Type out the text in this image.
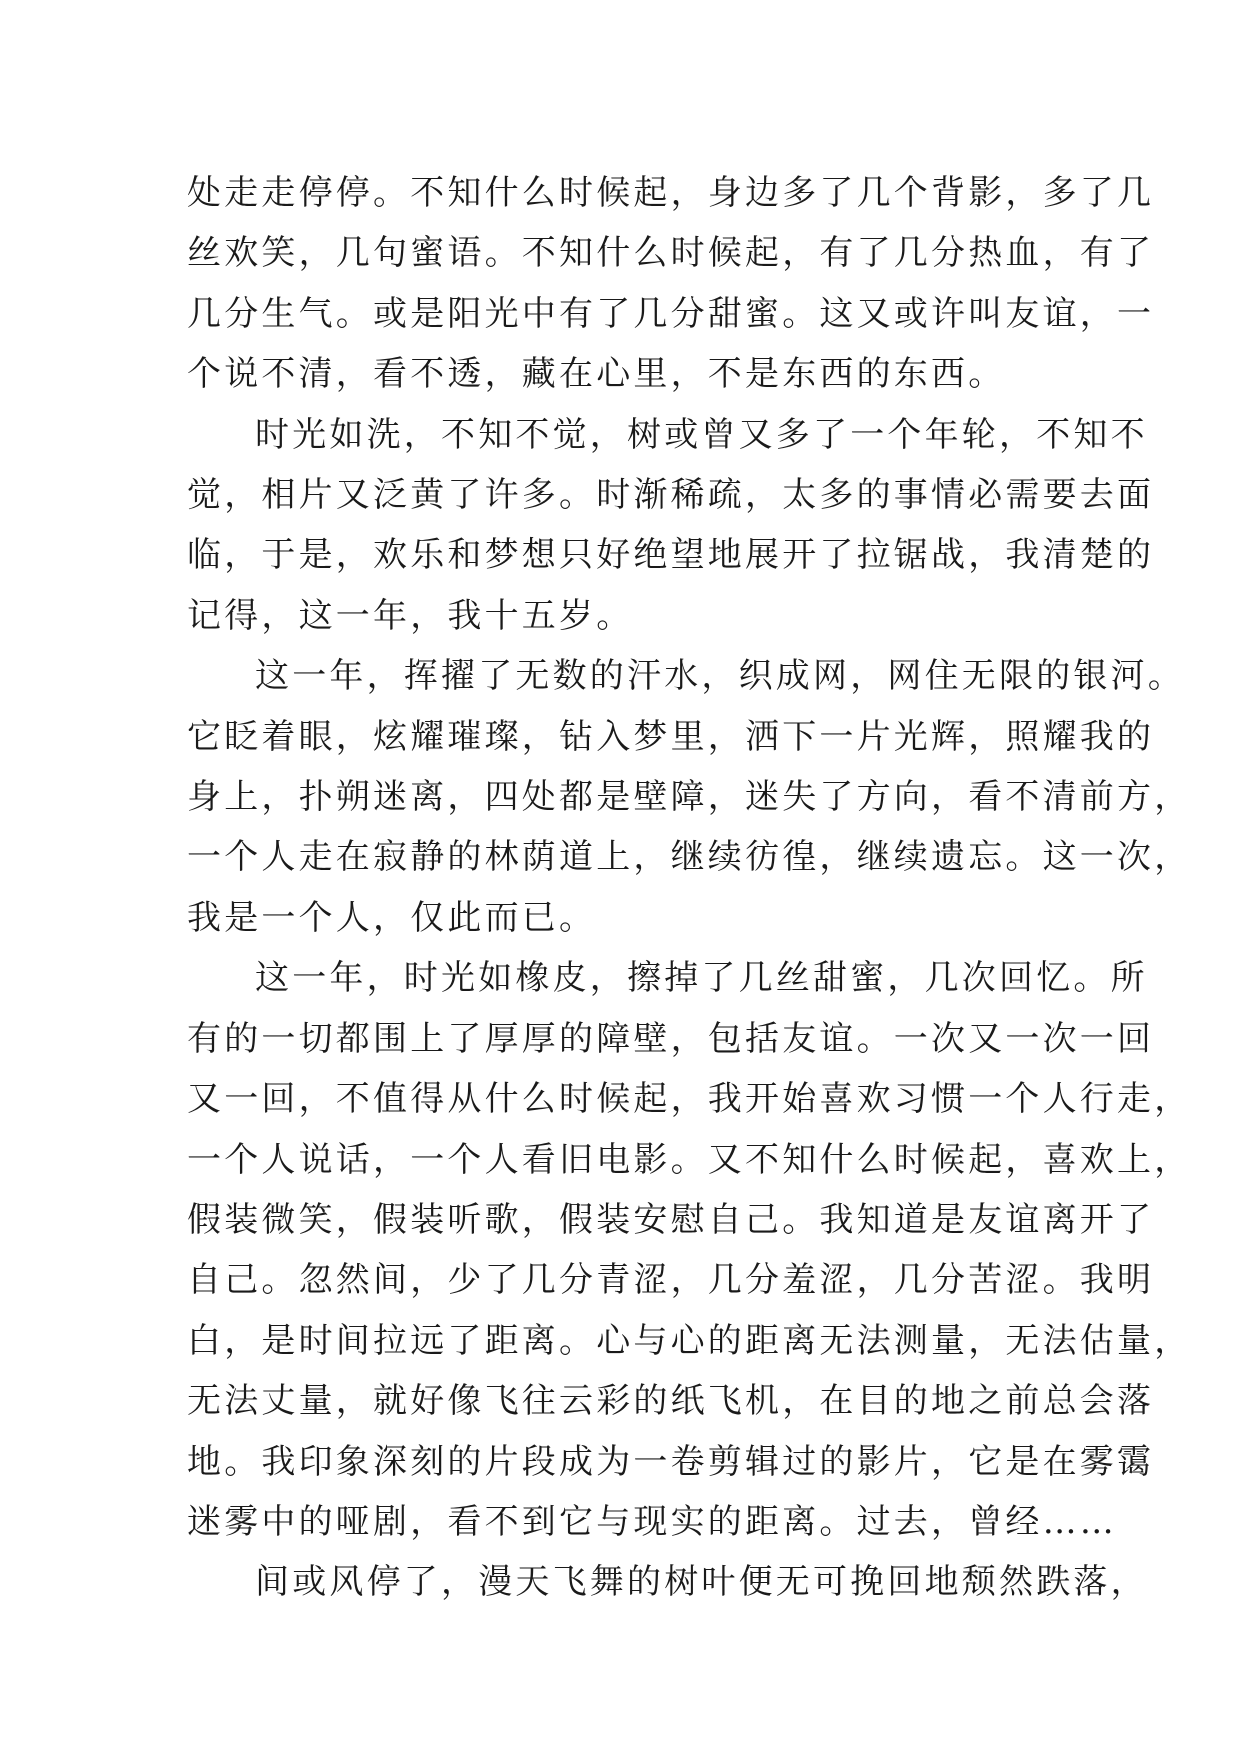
处走走停停。不知什么时候起，身边多了几个背影，多了几
丝欢笑，几句蜜语。不知什么时候起，有了几分热血，有了
几分生气。或是阳光中有了几分甜蜜。这又或许叫友谊，一
个说不清，看不透，藏在心里，不是东西的东西。

时光如洗，不知不觉，树或曾又多了一个年轮，不知不
觉，相片又泛黄了许多。时渐稀疏，太多的事情必需要去面
临，于是，欢乐和梦想只好绝望地展开了拉锯战，我清楚的
记得，这一年，我十五岁。

这一年，挥擢了无数的汗水，织成网，网住无限的银河。
它眨着眼，炫耀璀璨，钻入梦里，洒下一片光辉，照耀我的
身上，扑朔迷离，四处都是壁障，迷失了方向，看不清前方，
一个人走在寂静的林荫道上，继续彷徨，继续遗忘。这一次，
我是一个人，仅此而已。

这一年，时光如橡皮，擦掉了几丝甜蜜，几次回忆。所
有的一切都围上了厚厚的障壁，包括友谊。一次又一次一回
又一回，不值得从什么时候起，我开始喜欢习惯一个人行走，
一个人说话，一个人看旧电影。又不知什么时候起，喜欢上，
假装微笑，假装听歌，假装安慰自己。我知道是友谊离开了
自己。忽然间，少了几分青涩，几分羞涩，几分苦涩。我明
白，是时间拉远了距离。心与心的距离无法测量，无法估量，
无法丈量，就好像飞往云彩的纸飞机，在目的地之前总会落
地。我印象深刻的片段成为一卷剪辑过的影片，它是在雾霭
迷雾中的哑剧，看不到它与现实的距离。过去，曾经……

间或风停了，漫天飞舞的树叶便无可挽回地颓然跌落，
